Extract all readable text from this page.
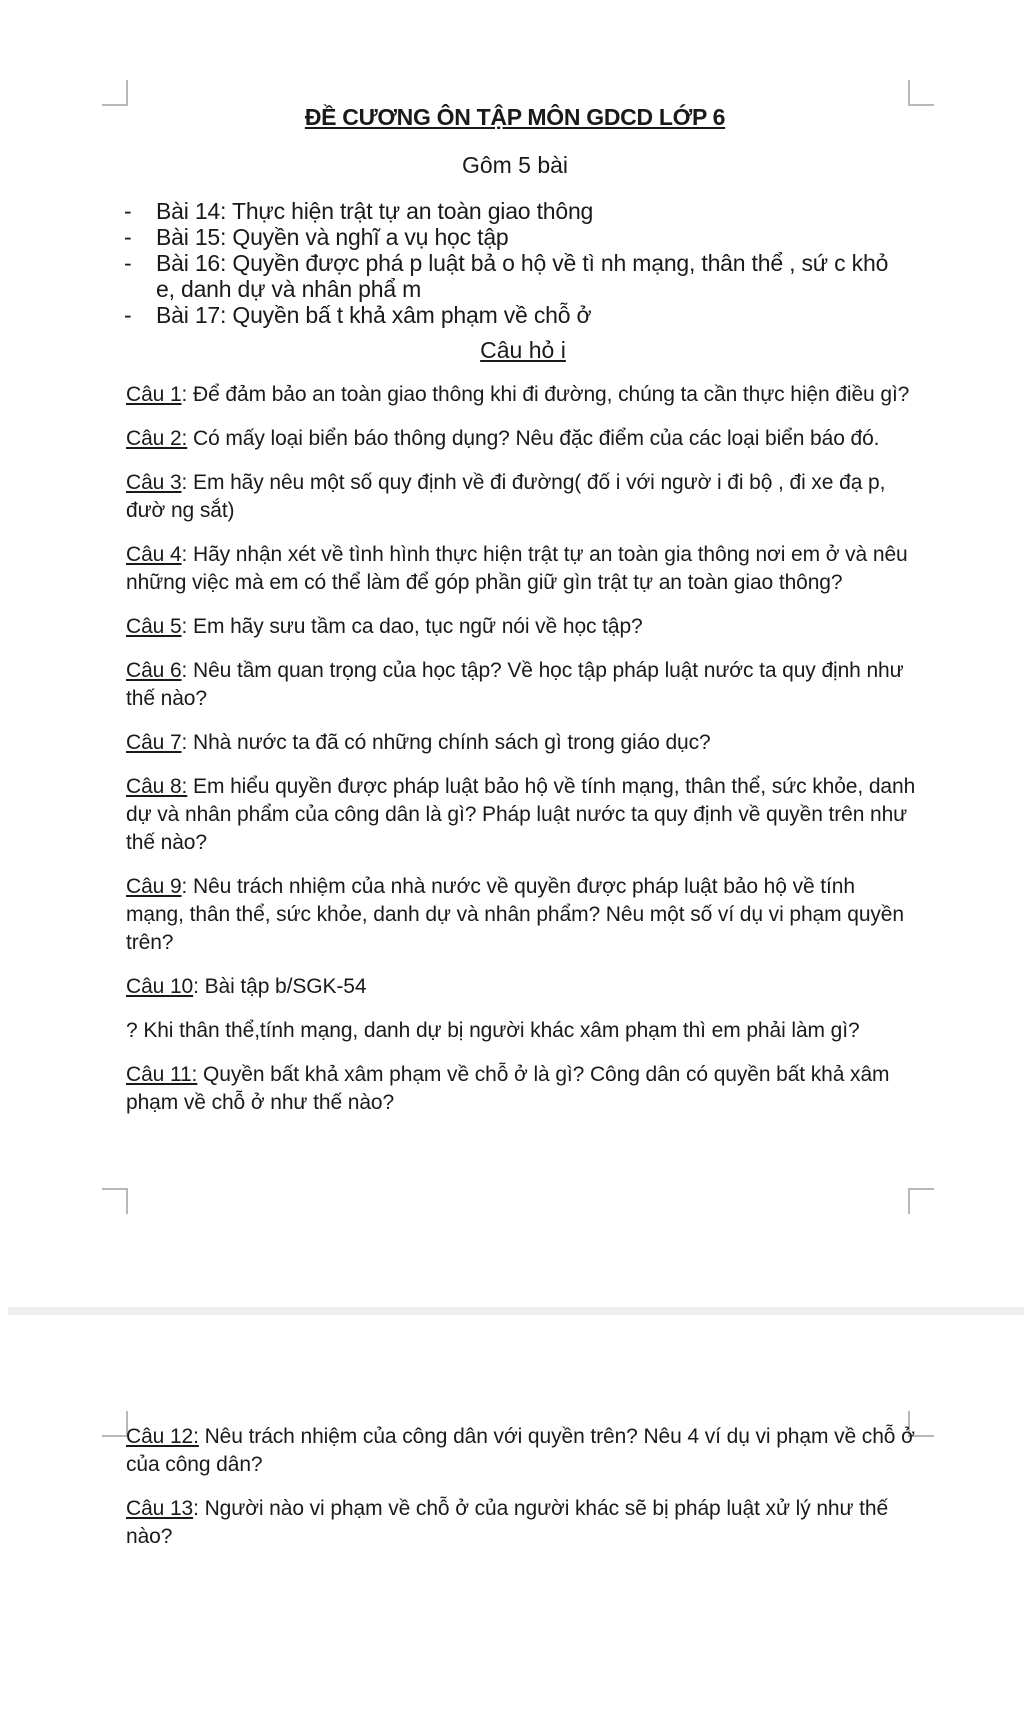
ĐỀ CƯƠNG ÔN TẬP MÔN GDCD LỚP 6
Gôm 5 bài
- Bài 14: Thực hiện trật tự an toàn giao thông
- Bài 15: Quyền và nghĩ a vụ học tập
- Bài 16: Quyền được phá p luật bả o hộ về tì nh mạng, thân thể , sứ c khỏ e, danh dự và nhân phẩ m
- Bài 17: Quyền bấ t khả xâm phạm về chỗ ở
Câu hỏ i

Câu 1: Để đảm bảo an toàn giao thông khi đi đường, chúng ta cần thực hiện điều gì?

Câu 2: Có mấy loại biển báo thông dụng? Nêu đặc điểm của các loại biển báo đó.

Câu 3: Em hãy nêu một số quy định về đi đường( đố i với ngườ i đi bộ , đi xe đạ p, đườ ng sắt)

Câu 4: Hãy nhận xét về tình hình thực hiện trật tự an toàn gia thông nơi em ở và nêu những việc mà em có thể làm để góp phần giữ gìn trật tự an toàn giao thông?

Câu 5: Em hãy sưu tầm ca dao, tục ngữ nói về học tập?

Câu 6: Nêu tầm quan trọng của học tập? Về học tập pháp luật nước ta quy định như thế nào?

Câu 7: Nhà nước ta đã có những chính sách gì trong giáo dục?

Câu 8: Em hiểu quyền được pháp luật bảo hộ về tính mạng, thân thể, sức khỏe, danh dự và nhân phẩm của công dân là gì? Pháp luật nước ta quy định về quyền trên như thế nào?

Câu 9: Nêu trách nhiệm của nhà nước về quyền được pháp luật bảo hộ về tính mạng, thân thể, sức khỏe, danh dự và nhân phẩm? Nêu một số ví dụ vi phạm quyền trên?

Câu 10: Bài tập b/SGK-54

? Khi thân thể,tính mạng, danh dự bị người khác xâm phạm thì em phải làm gì?

Câu 11: Quyền bất khả xâm phạm về chỗ ở là gì? Công dân có quyền bất khả xâm phạm về chỗ ở như thế nào?

Câu 12: Nêu trách nhiệm của công dân với quyền trên? Nêu 4 ví dụ vi phạm về chỗ ở của công dân?

Câu 13: Người nào vi phạm về chỗ ở của người khác sẽ bị pháp luật xử lý như thế nào?
